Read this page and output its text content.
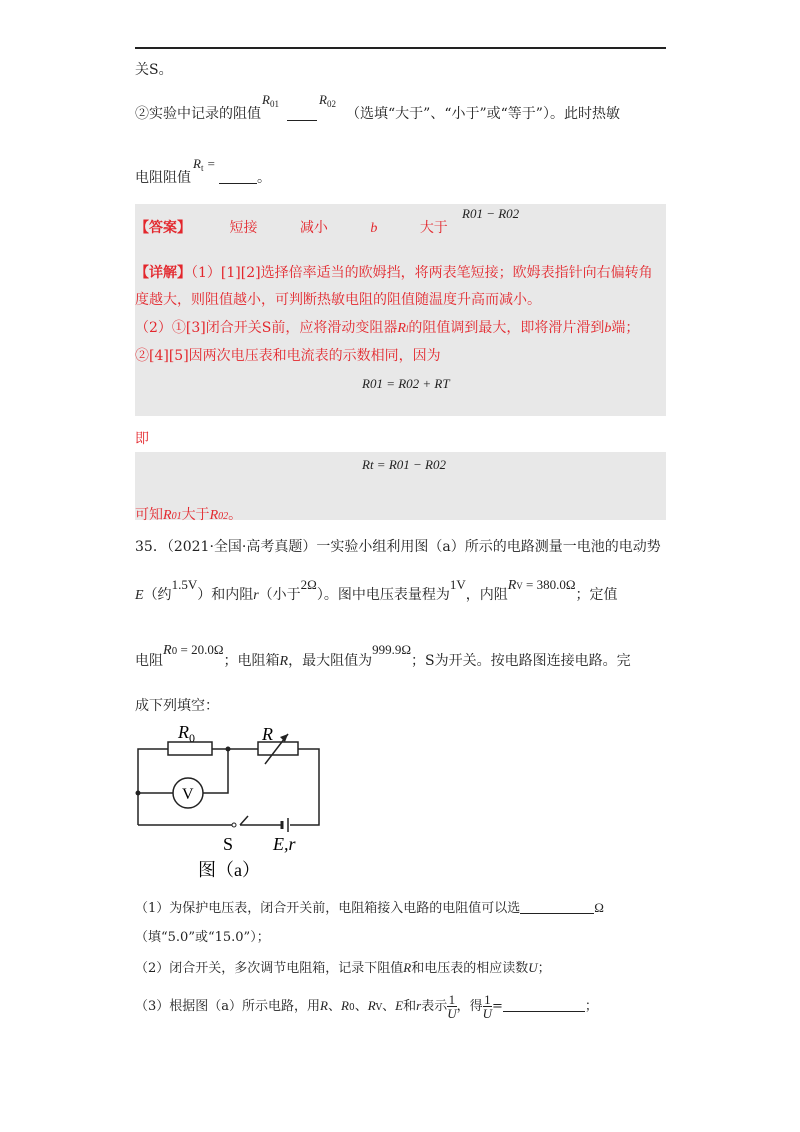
关S。
②实验中记录的阻值
$R_{01}$	$R_{02}$
（选填“大于”、“小于”或“等于”）。此时热敏
$R_t$ =
电阻阻值	。
R01 − R02
【答案】	短接	减小	b	大于
【详解】（1）[1][2]选择倍率适当的欧姆挡，将两表笔短接；欧姆表指针向右偏转角
度越大，则阻值越小，可判断热敏电阻的阻值随温度升高而减小。
（2）①[3]闭合开关S前，应将滑动变阻器Rl的阻值调到最大，即将滑片滑到b端；
②[4][5]因两次电压表和电流表的示数相同，因为
R01 = R02 + RT
即
Rt = R01 − R02
可知R01大于R02。
35．（2021·全国·高考真题）一实验小组利用图（a）所示的电路测量一电池的电动势
E（约1.5V）和内阻r（小于2Ω）。图中电压表量程为1V，内阻RV = 380.0Ω；定值
电阻R0 = 20.0Ω；电阻箱R，最大阻值为999.9Ω；S为开关。按电路图连接电路。完
成下列填空：
$R_0$	R
V
S E,r
图（a）
（1）为保护电压表，闭合开关前，电阻箱接入电路的电阻值可以选	Ω
（填“5.0”或“15.0”）；
（2）闭合开关，多次调节电阻箱，记录下阻值R和电压表的相应读数U；
（3）根据图（a）所示电路，用R、R0、RV、E和r表示 $\frac{1}{U}$ ，得 $\frac{1}{U}$ =	；
